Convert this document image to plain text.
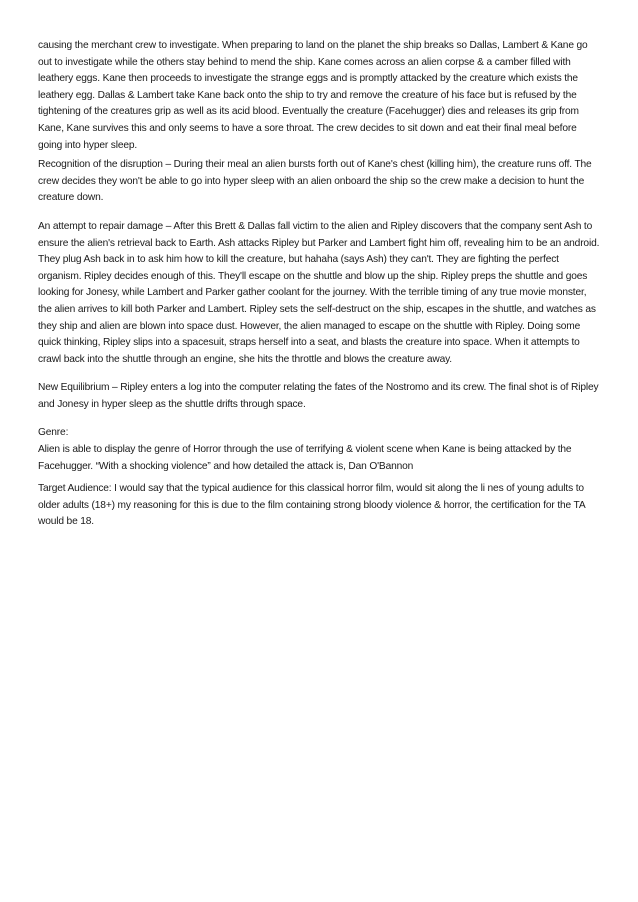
causing the merchant crew to investigate. When preparing to land on the planet the ship breaks so Dallas, Lambert & Kane go out to investigate while the others stay behind to mend the ship. Kane comes across an alien corpse & a camber filled with leathery eggs. Kane then proceeds to investigate the strange eggs and is promptly attacked by the creature which exists the leathery egg. Dallas & Lambert take Kane back onto the ship to try and remove the creature of his face but is refused by the tightening of the creatures grip as well as its acid blood. Eventually the creature (Facehugger) dies and releases its grip from Kane, Kane survives this and only seems to have a sore throat. The crew decides to sit down and eat their final meal before going into hyper sleep.

Recognition of the disruption – During their meal an alien bursts forth out of Kane's chest (killing him), the creature runs off. The crew decides they won't be able to go into hyper sleep with an alien onboard the ship so the crew make a decision to hunt the creature down.

An attempt to repair damage – After this Brett & Dallas fall victim to the alien and Ripley discovers that the company sent Ash to ensure the alien's retrieval back to Earth. Ash attacks Ripley but Parker and Lambert fight him off, revealing him to be an android. They plug Ash back in to ask him how to kill the creature, but hahaha (says Ash) they can't. They are fighting the perfect organism. Ripley decides enough of this. They'll escape on the shuttle and blow up the ship. Ripley preps the shuttle and goes looking for Jonesy, while Lambert and Parker gather coolant for the journey. With the terrible timing of any true movie monster, the alien arrives to kill both Parker and Lambert. Ripley sets the self-destruct on the ship, escapes in the shuttle, and watches as they ship and alien are blown into space dust. However, the alien managed to escape on the shuttle with Ripley. Doing some quick thinking, Ripley slips into a spacesuit, straps herself into a seat, and blasts the creature into space. When it attempts to crawl back into the shuttle through an engine, she hits the throttle and blows the creature away.

New Equilibrium – Ripley enters a log into the computer relating the fates of the Nostromo and its crew. The final shot is of Ripley and Jonesy in hyper sleep as the shuttle drifts through space.

Genre:

Alien is able to display the genre of Horror through the use of terrifying & violent scene when Kane is being attacked by the Facehugger. “With a shocking violence” and how detailed the attack is, Dan O'Bannon

Target Audience: I would say that the typical audience for this classical horror film, would sit along the li nes of young adults to older adults (18+) my reasoning for this is due to the film containing strong bloody violence & horror, the certification for the TA would be 18.
